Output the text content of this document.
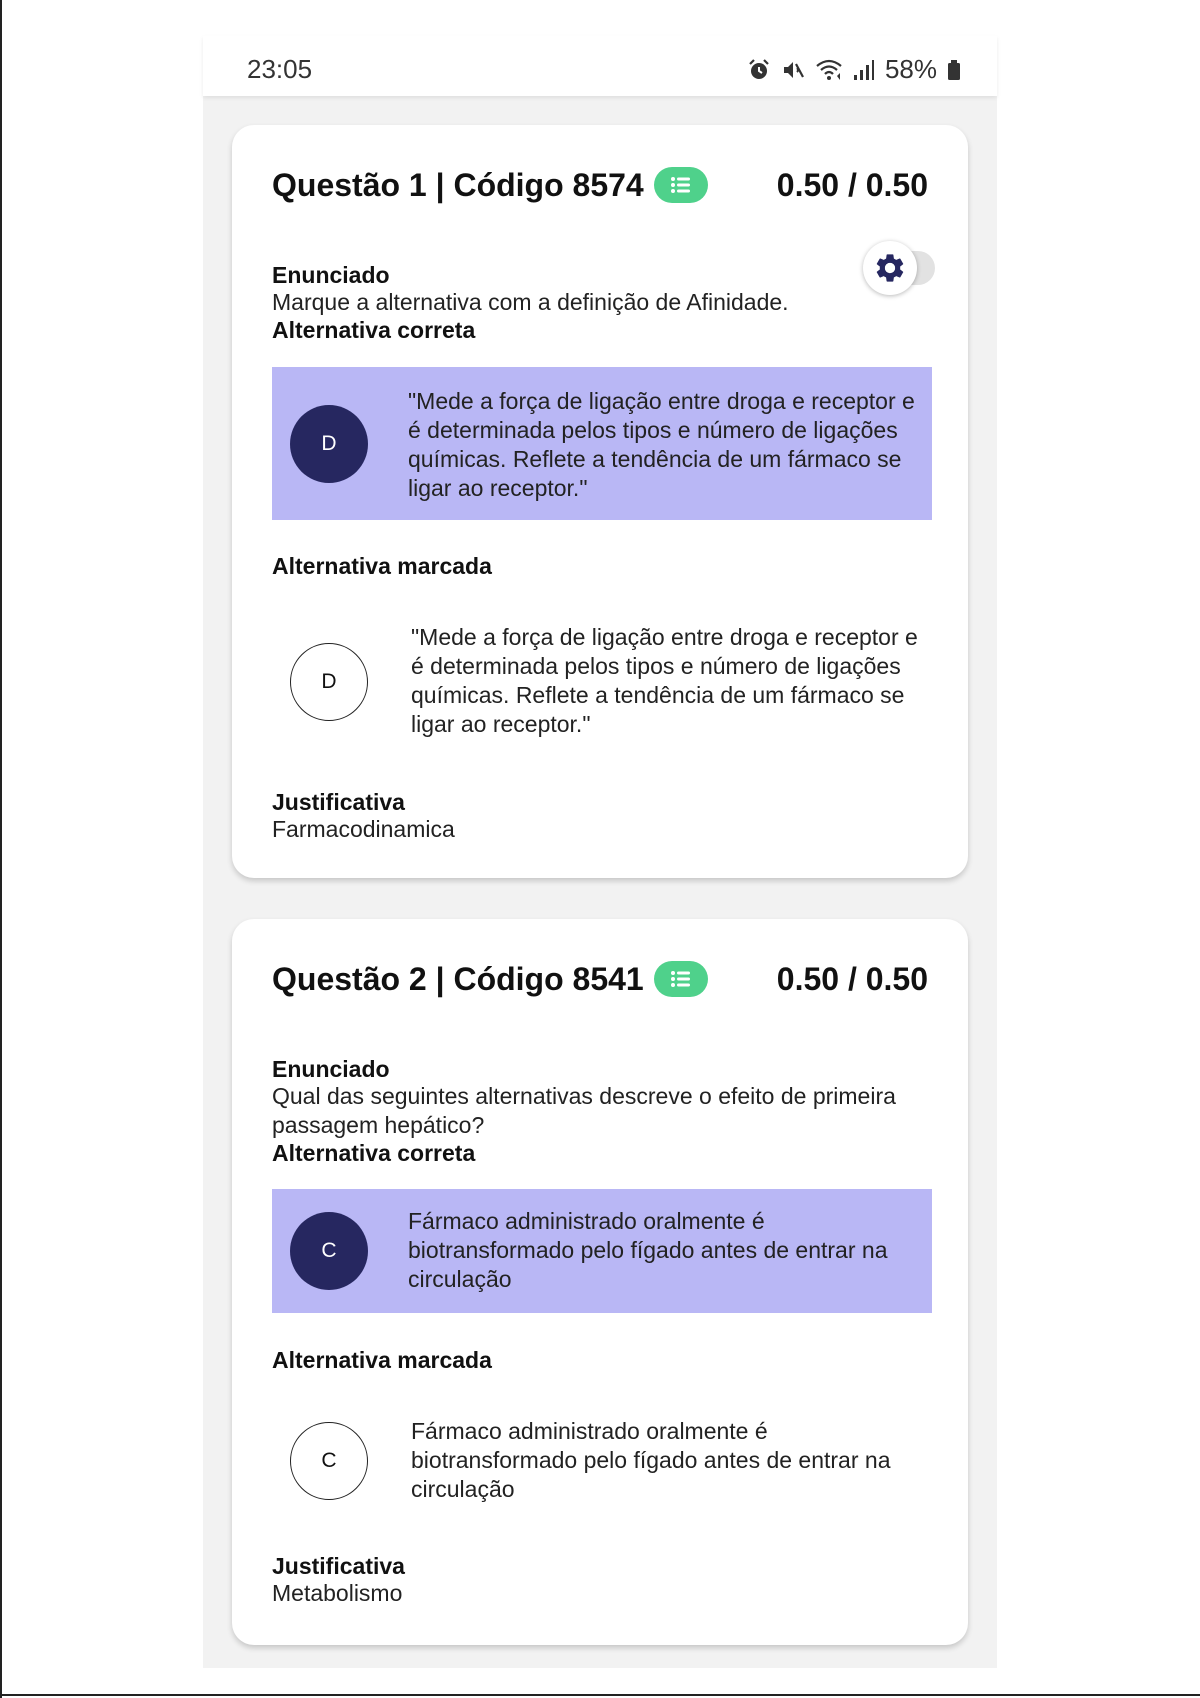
23:05	58%
Questão 1 | Código 8574	0.50 / 0.50
Enunciado
Marque a alternativa com a definição de Afinidade.
Alternativa correta
D
"Mede a força de ligação entre droga e receptor e é determinada pelos tipos e número de ligações químicas. Reflete a tendência de um fármaco se ligar ao receptor."
Alternativa marcada
D
"Mede a força de ligação entre droga e receptor e é determinada pelos tipos e número de ligações químicas. Reflete a tendência de um fármaco se ligar ao receptor."
Justificativa
Farmacodinamica
Questão 2 | Código 8541	0.50 / 0.50
Enunciado
Qual das seguintes alternativas descreve o efeito de primeira passagem hepático?
Alternativa correta
C
Fármaco administrado oralmente é biotransformado pelo fígado antes de entrar na circulação
Alternativa marcada
C
Fármaco administrado oralmente é biotransformado pelo fígado antes de entrar na circulação
Justificativa
Metabolismo
